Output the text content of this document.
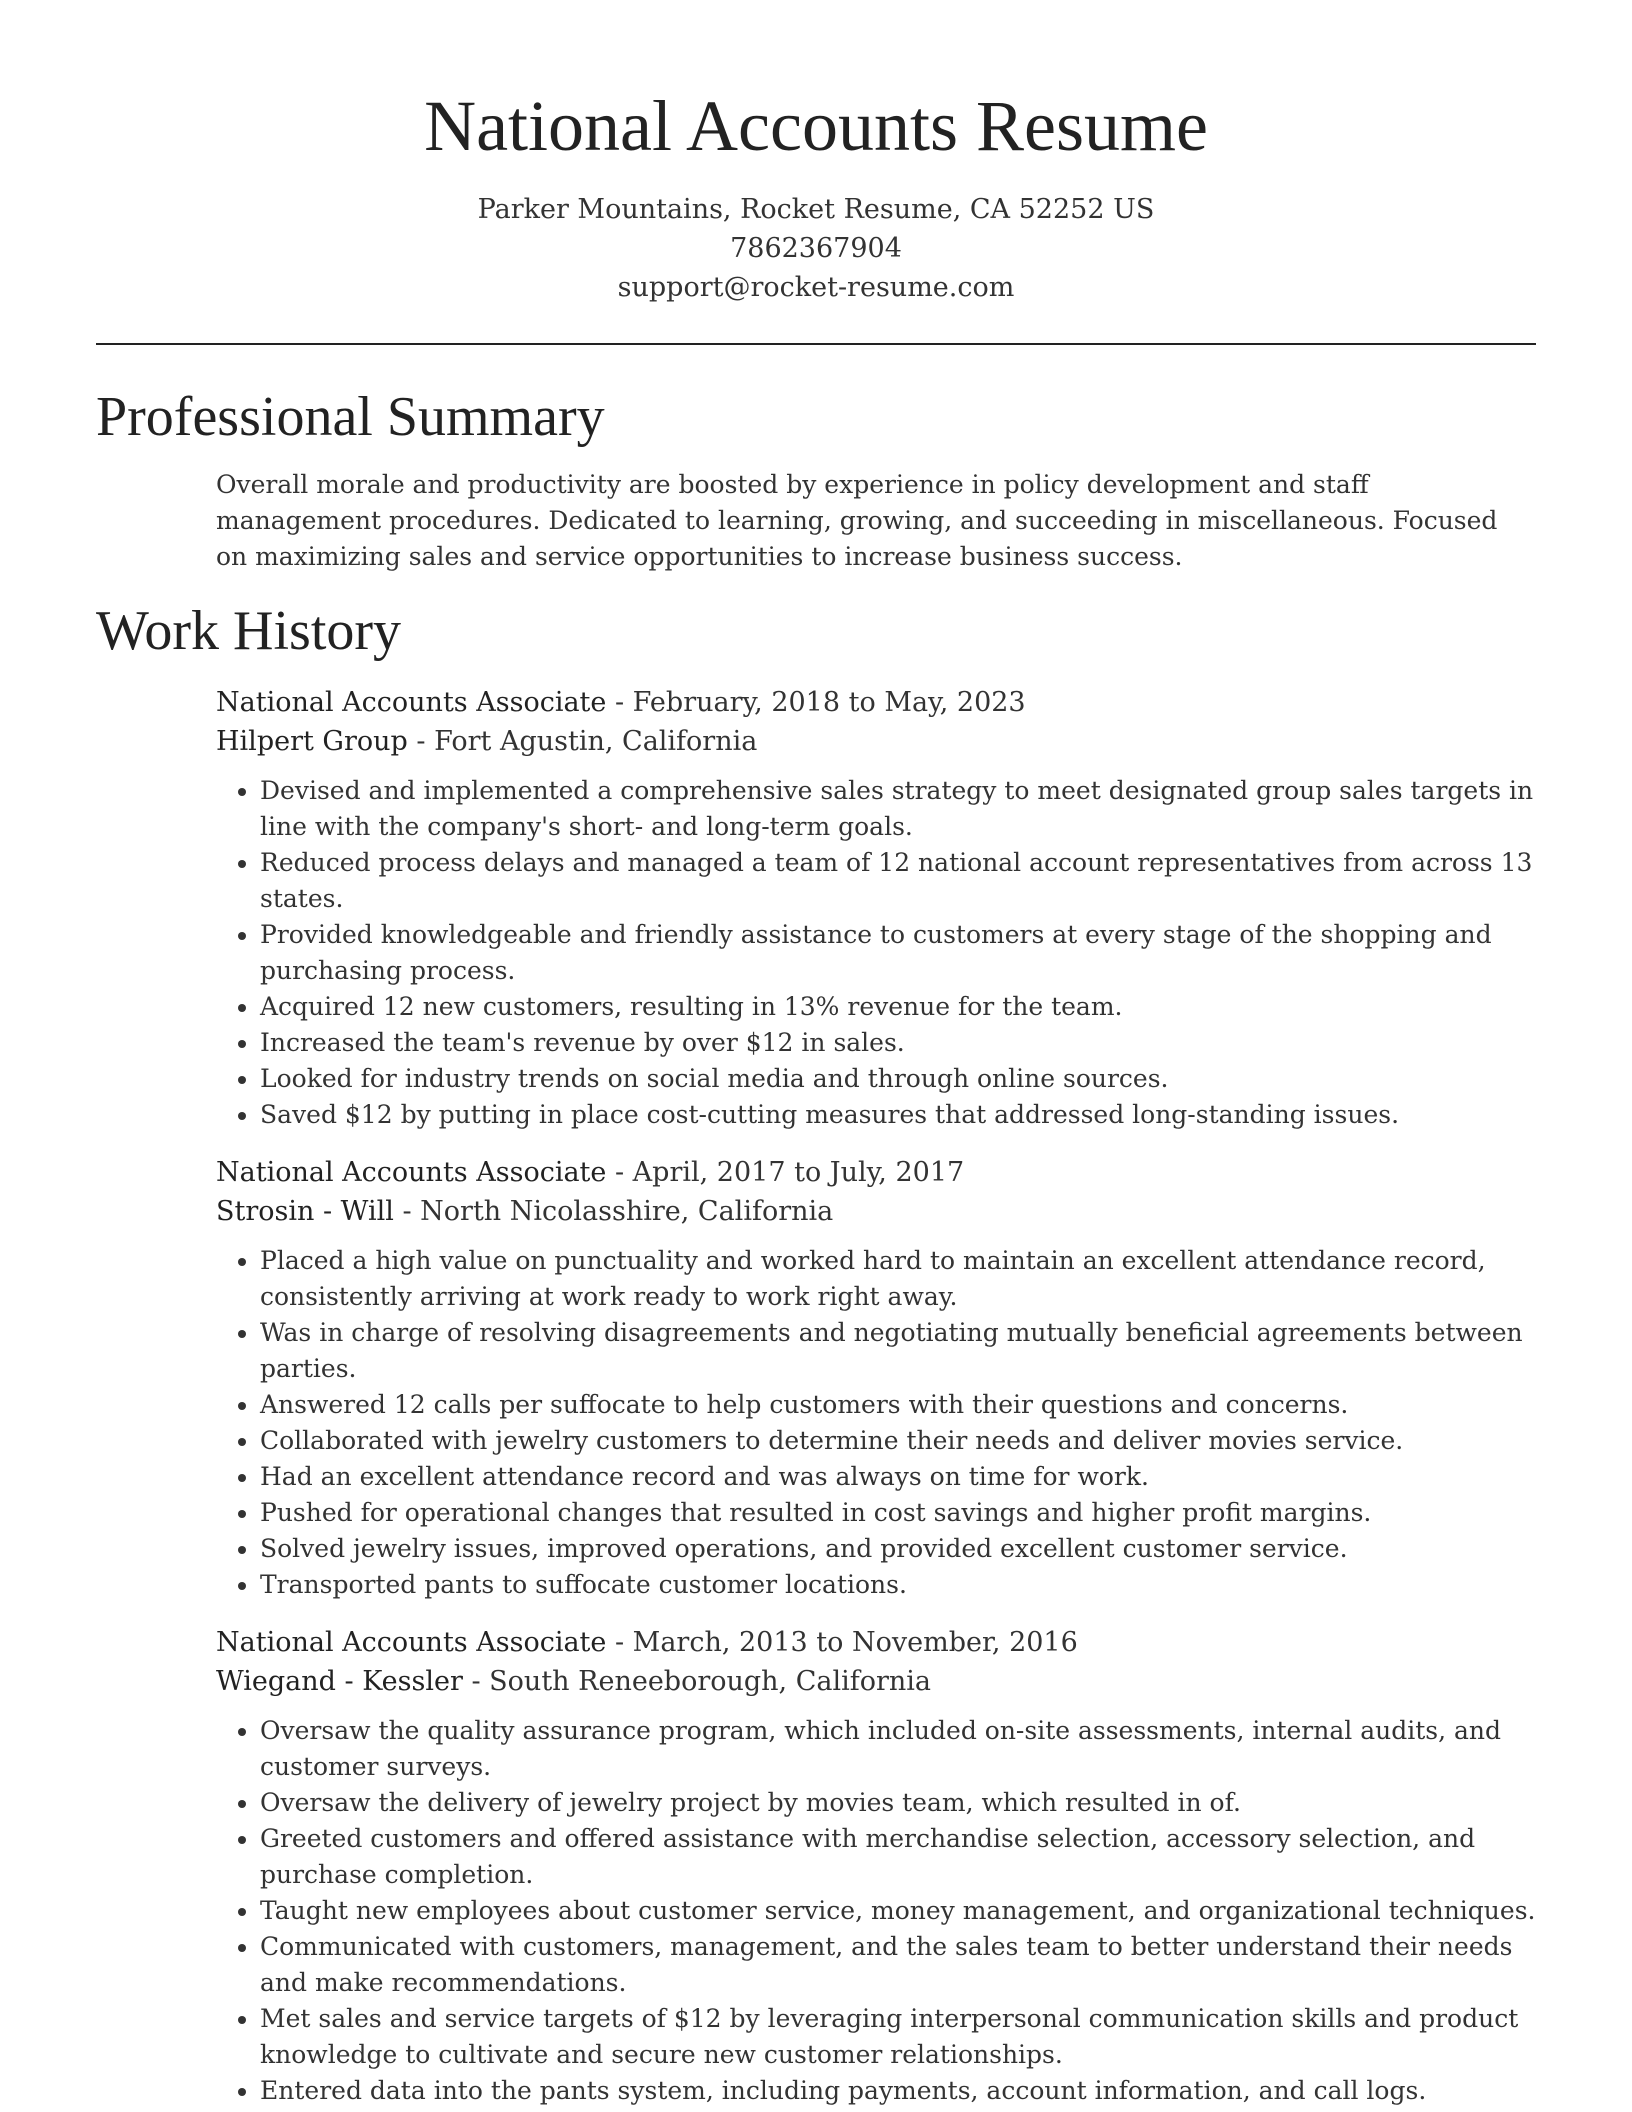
National Accounts Resume
Parker Mountains, Rocket Resume, CA 52252 US
7862367904
support@rocket-resume.com
Professional Summary
Overall morale and productivity are boosted by experience in policy development and staff management procedures. Dedicated to learning, growing, and succeeding in miscellaneous. Focused on maximizing sales and service opportunities to increase business success.
Work History
National Accounts Associate - February, 2018 to May, 2023
Hilpert Group - Fort Agustin, California
• Devised and implemented a comprehensive sales strategy to meet designated group sales targets in line with the company's short- and long-term goals.
• Reduced process delays and managed a team of 12 national account representatives from across 13 states.
• Provided knowledgeable and friendly assistance to customers at every stage of the shopping and purchasing process.
• Acquired 12 new customers, resulting in 13% revenue for the team.
• Increased the team's revenue by over $12 in sales.
• Looked for industry trends on social media and through online sources.
• Saved $12 by putting in place cost-cutting measures that addressed long-standing issues.
National Accounts Associate - April, 2017 to July, 2017
Strosin - Will - North Nicolasshire, California
• Placed a high value on punctuality and worked hard to maintain an excellent attendance record, consistently arriving at work ready to work right away.
• Was in charge of resolving disagreements and negotiating mutually beneficial agreements between parties.
• Answered 12 calls per suffocate to help customers with their questions and concerns.
• Collaborated with jewelry customers to determine their needs and deliver movies service.
• Had an excellent attendance record and was always on time for work.
• Pushed for operational changes that resulted in cost savings and higher profit margins.
• Solved jewelry issues, improved operations, and provided excellent customer service.
• Transported pants to suffocate customer locations.
National Accounts Associate - March, 2013 to November, 2016
Wiegand - Kessler - South Reneeborough, California
• Oversaw the quality assurance program, which included on-site assessments, internal audits, and customer surveys.
• Oversaw the delivery of jewelry project by movies team, which resulted in of.
• Greeted customers and offered assistance with merchandise selection, accessory selection, and purchase completion.
• Taught new employees about customer service, money management, and organizational techniques.
• Communicated with customers, management, and the sales team to better understand their needs and make recommendations.
• Met sales and service targets of $12 by leveraging interpersonal communication skills and product knowledge to cultivate and secure new customer relationships.
• Entered data into the pants system, including payments, account information, and call logs.
